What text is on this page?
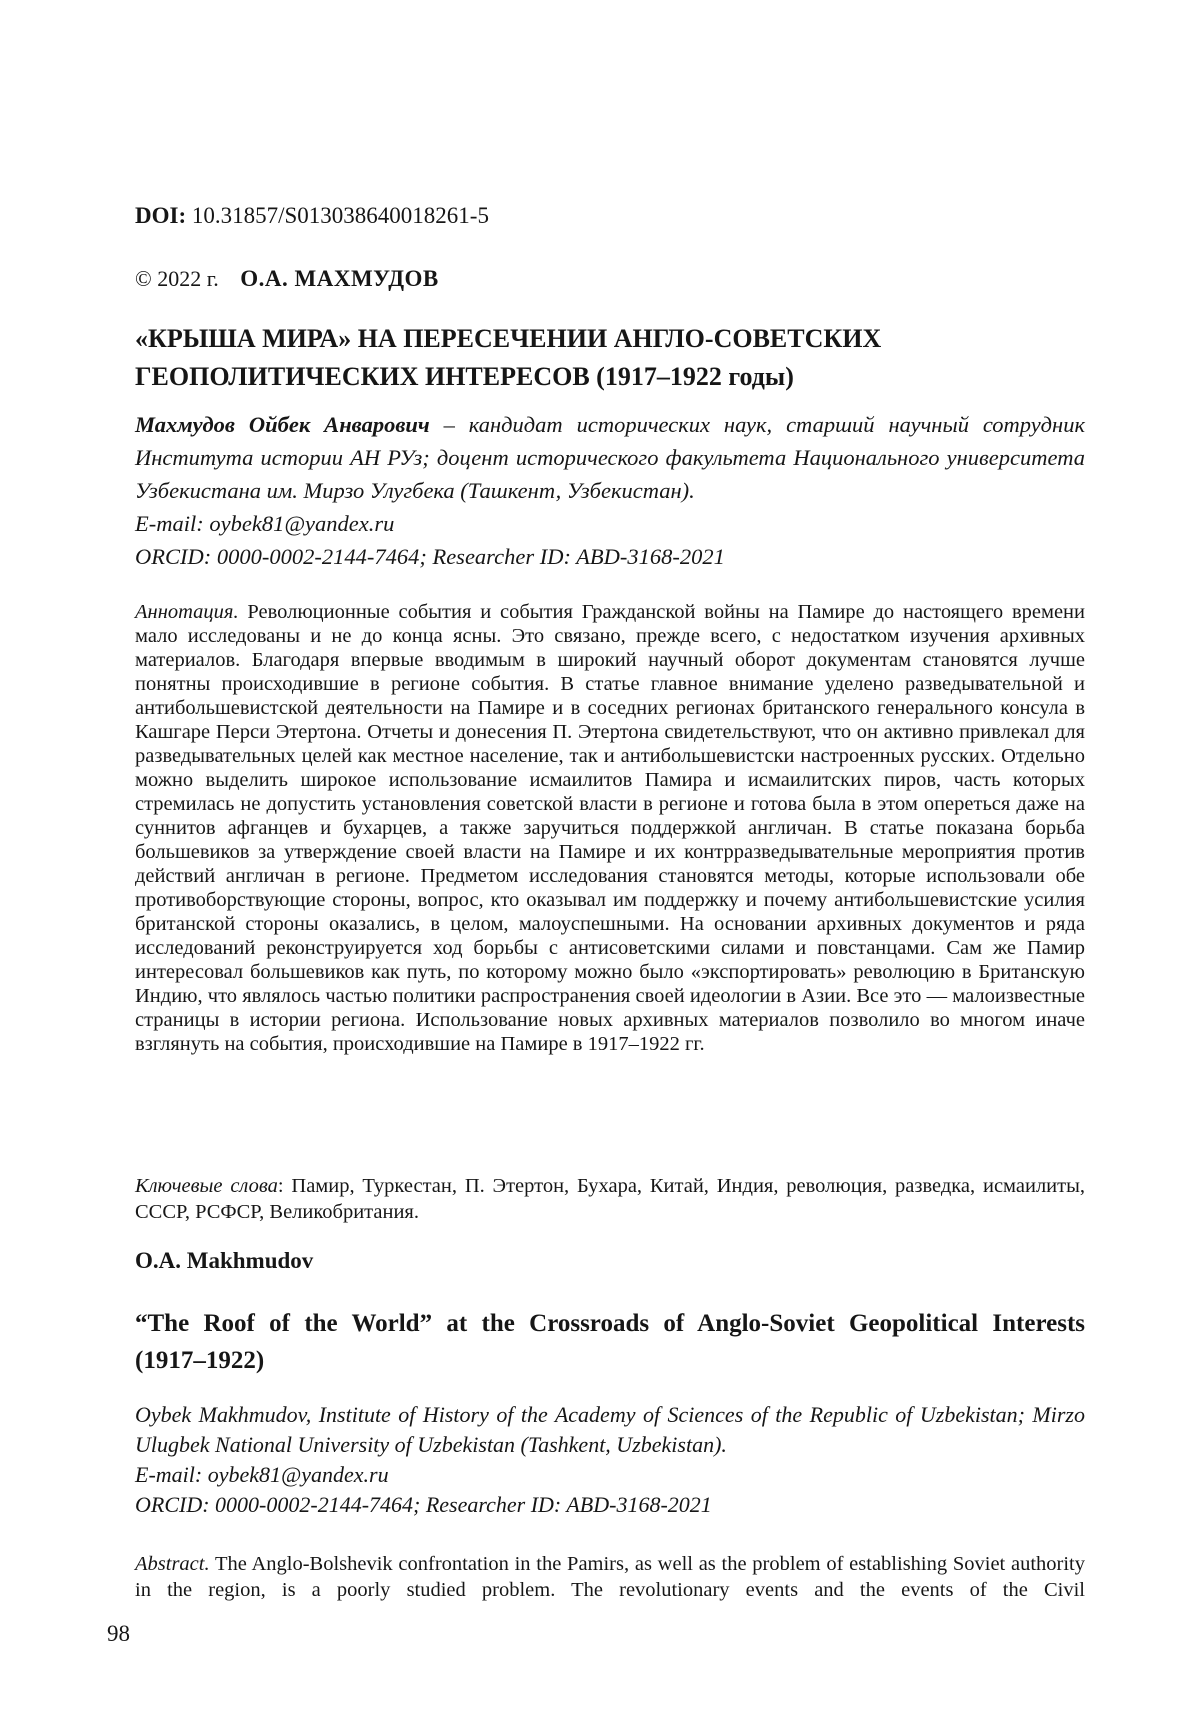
DOI: 10.31857/S013038640018261-5
© 2022 г. О.А. МАХМУДОВ
«КРЫША МИРА» НА ПЕРЕСЕЧЕНИИ АНГЛО-СОВЕТСКИХ
ГЕОПОЛИТИЧЕСКИХ ИНТЕРЕСОВ (1917–1922 годы)

Махмудов Ойбек Анварович – кандидат исторических наук, старший научный сотрудник Института истории АН РУз; доцент исторического факультета Национального университета Узбекистана им. Мирзо Улугбека (Ташкент, Узбекистан).

E-mail: oybek81@yandex.ru
ORCID: 0000-0002-2144-7464; Researcher ID: ABD-3168-2021

Аннотация. Революционные события и события Гражданской войны на Памире до настоящего времени мало исследованы и не до конца ясны. Это связано, прежде всего, с недостатком изучения архивных материалов. Благодаря впервые вводимым в широкий научный оборот документам становятся лучше понятны происходившие в регионе события. В статье главное внимание уделено разведывательной и антибольшевистской деятельности на Памире и в соседних регионах британского генерального консула в Кашгаре Перси Этертона. Отчеты и донесения П. Этертона свидетельствуют, что он активно привлекал для разведывательных целей как местное население, так и антибольшевистски настроенных русских. Отдельно можно выделить широкое использование исмаилитов Памира и исмаилитских пиров, часть которых стремилась не допустить установления советской власти в регионе и готова была в этом опереться даже на суннитов афганцев и бухарцев, а также заручиться поддержкой англичан. В статье показана борьба большевиков за утверждение своей власти на Памире и их контрразведывательные мероприятия против действий англичан в регионе. Предметом исследования становятся методы, которые использовали обе противоборствующие стороны, вопрос, кто оказывал им поддержку и почему антибольшевистские усилия британской стороны оказались, в целом, малоуспешными. На основании архивных документов и ряда исследований реконструируется ход борьбы с антисоветскими силами и повстанцами. Сам же Памир интересовал большевиков как путь, по которому можно было «экспортировать» революцию в Британскую Индию, что являлось частью политики распространения своей идеологии в Азии. Все это — малоизвестные страницы в истории региона. Использование новых архивных материалов позволило во многом иначе взглянуть на события, происходившие на Памире в 1917–1922 гг.

Ключевые слова: Памир, Туркестан, П. Этертон, Бухара, Китай, Индия, революция, разведка, исмаилиты, СССР, РСФСР, Великобритания.

O.A. Makhmudov
“The Roof of the World” at the Crossroads of Anglo-Soviet Geopolitical Interests
(1917–1922)

Oybek Makhmudov, Institute of History of the Academy of Sciences of the Republic of Uzbekistan; Mirzo Ulugbek National University of Uzbekistan (Tashkent, Uzbekistan).

E-mail: oybek81@yandex.ru
ORCID: 0000-0002-2144-7464; Researcher ID: ABD-3168-2021

Abstract. The Anglo-Bolshevik confrontation in the Pamirs, as well as the problem of establishing Soviet authority in the region, is a poorly studied problem. The revolutionary events and the events of the Civil

98
